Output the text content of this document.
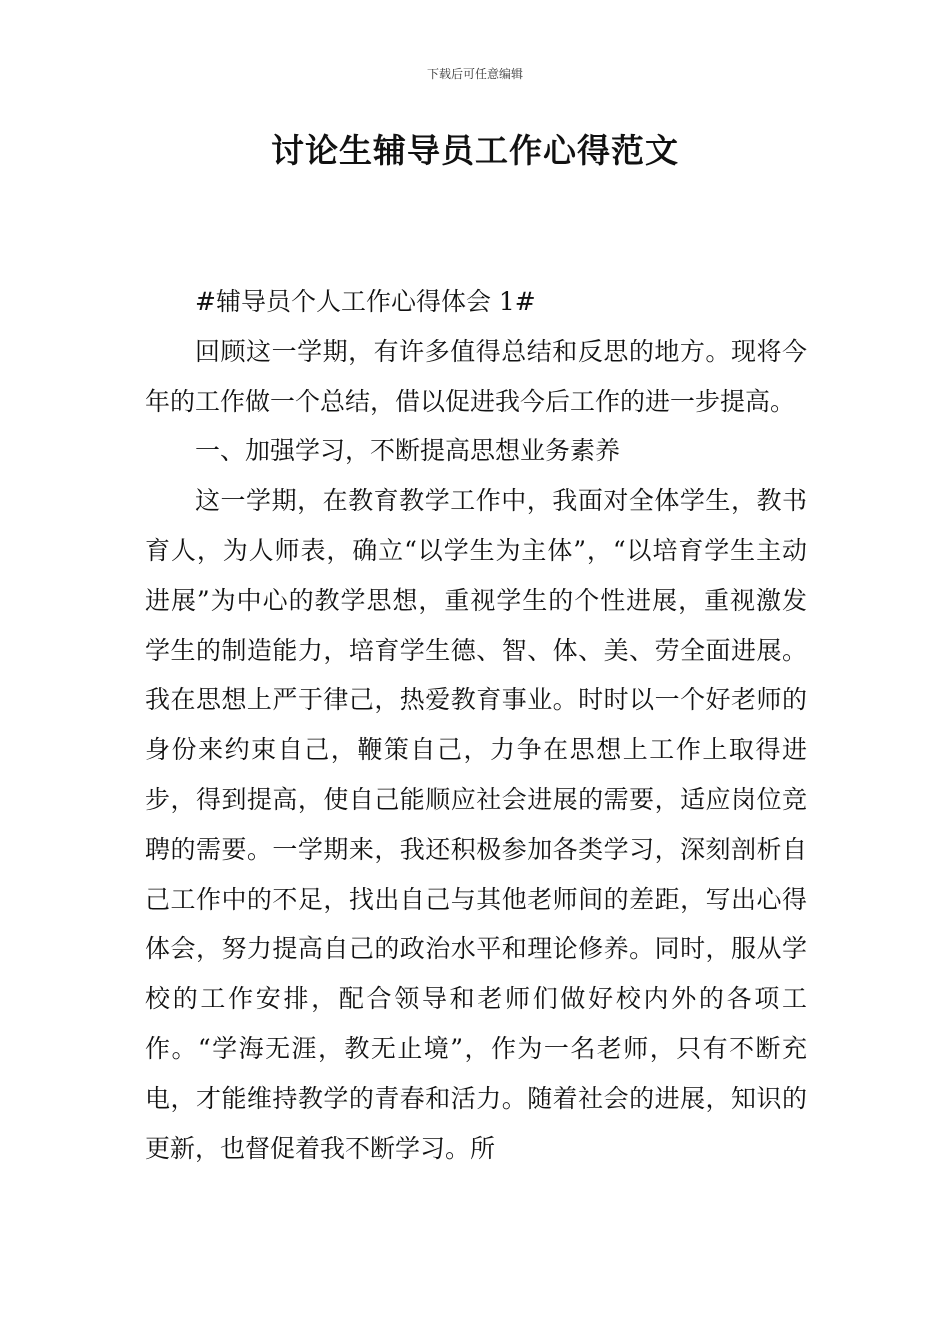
下载后可任意编辑
讨论生辅导员工作心得范文

#辅导员个人工作心得体会 1#

回顾这一学期，有许多值得总结和反思的地方。现将今年的工作做一个总结，借以促进我今后工作的进一步提高。

一、加强学习，不断提高思想业务素养

这一学期，在教育教学工作中，我面对全体学生，教书育人，为人师表，确立“以学生为主体”，“以培育学生主动进展”为中心的教学思想，重视学生的个性进展，重视激发学生的制造能力，培育学生德、智、体、美、劳全面进展。我在思想上严于律己，热爱教育事业。时时以一个好老师的身份来约束自己，鞭策自己，力争在思想上工作上取得进步，得到提高，使自己能顺应社会进展的需要，适应岗位竞聘的需要。一学期来，我还积极参加各类学习，深刻剖析自己工作中的不足，找出自己与其他老师间的差距，写出心得体会，努力提高自己的政治水平和理论修养。同时，服从学校的工作安排，配合领导和老师们做好校内外的各项工作。“学海无涯，教无止境”，作为一名老师，只有不断充电，才能维持教学的青春和活力。随着社会的进展，知识的更新，也督促着我不断学习。所
